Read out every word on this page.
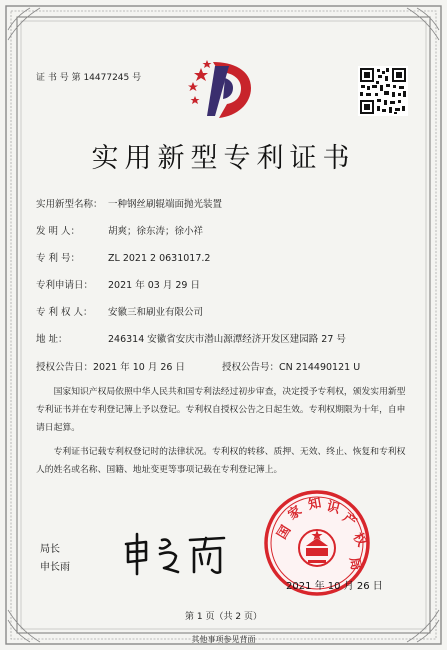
证 书 号 第 14477245 号
实用新型专利证书
实用新型名称： 一种钢丝刷辊端面抛光装置
发 明 人：	胡爽；徐东涛；徐小祥
专 利 号：	ZL 2021 2 0631017.2
专利申请日： 2021 年 03 月 29 日
专 利 权 人： 安徽三和刷业有限公司
地 址：	246314 安徽省安庆市潜山源潭经济开发区建园路 27 号
授权公告日：2021 年 10 月 26 日	授权公告号：CN 214490121 U
国家知识产权局依照中华人民共和国专利法经过初步审查，决定授予专利权，颁发实用新型专利证书并在专利登记簿上予以登记。专利权自授权公告之日起生效。专利权期限为十年，自申请日起算。
专利证书记载专利权登记时的法律状况。专利权的转移、质押、无效、终止、恢复和专利权人的姓名或名称、国籍、地址变更等事项记载在专利登记簿上。
局长
申长雨
国
家 知 识
产
权
局
2021 年 10 月 26 日
第 1 页（共 2 页）
其他事项参见背面
